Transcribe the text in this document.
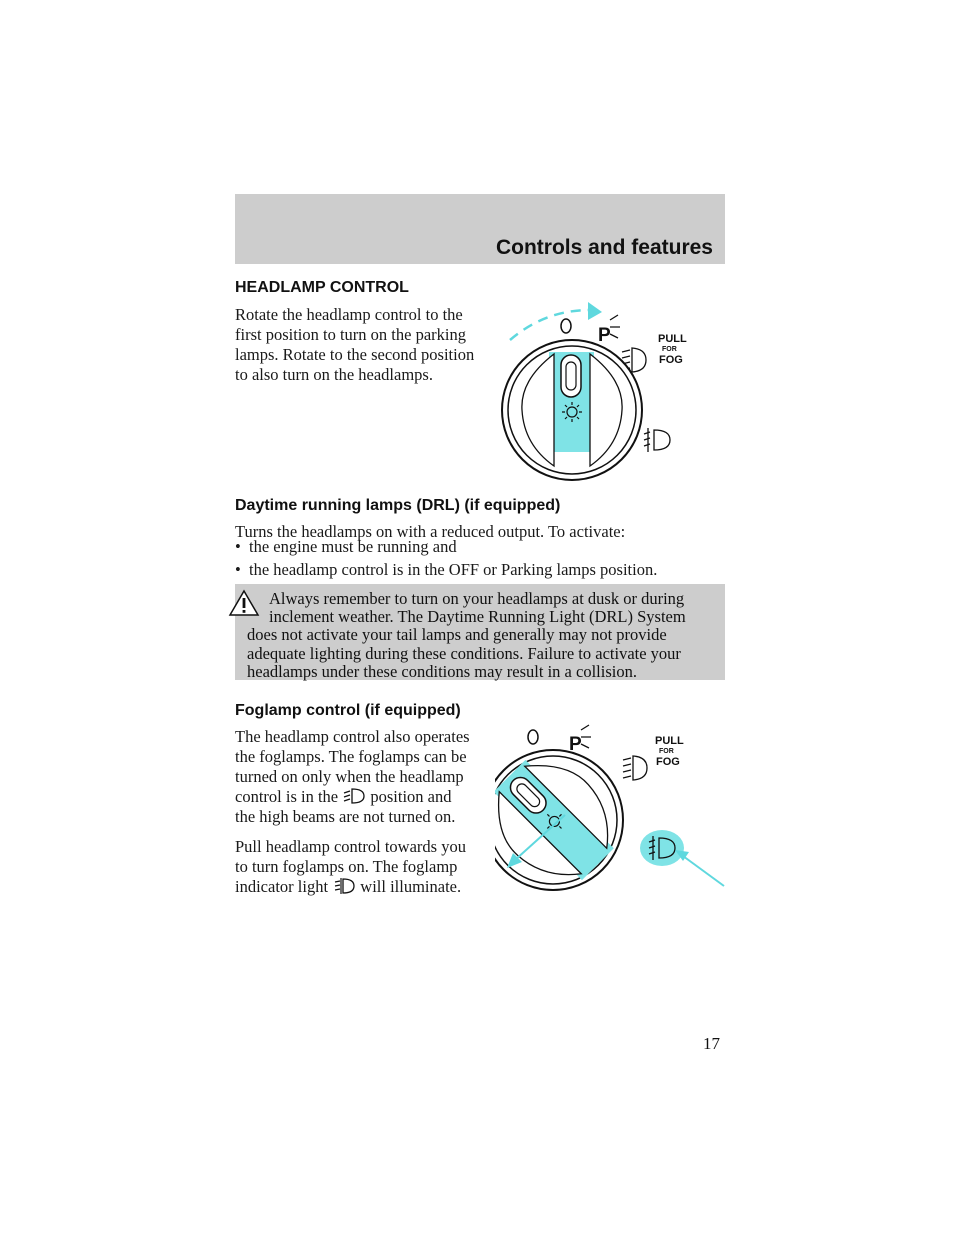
Controls and features
HEADLAMP CONTROL
Rotate the headlamp control to the
first position to turn on the parking
lamps. Rotate to the second position
to also turn on the headlamps.
P	PULL
FOR
FOG
Daytime running lamps (DRL) (if equipped)
Turns the headlamps on with a reduced output. To activate:
• the engine must be running and
• the headlamp control is in the OFF or Parking lamps position.
Always remember to turn on your headlamps at dusk or during
inclement weather. The Daytime Running Light (DRL) System
does not activate your tail lamps and generally may not provide
adequate lighting during these conditions. Failure to activate your
headlamps under these conditions may result in a collision.
Foglamp control (if equipped)
The headlamp control also operates
the foglamps. The foglamps can be
turned on only when the headlamp
control is in the position and
the high beams are not turned on.
Pull headlamp control towards you
to turn foglamps on. The foglamp
indicator light will illuminate.
P	PULL
FOR
FOG
17
